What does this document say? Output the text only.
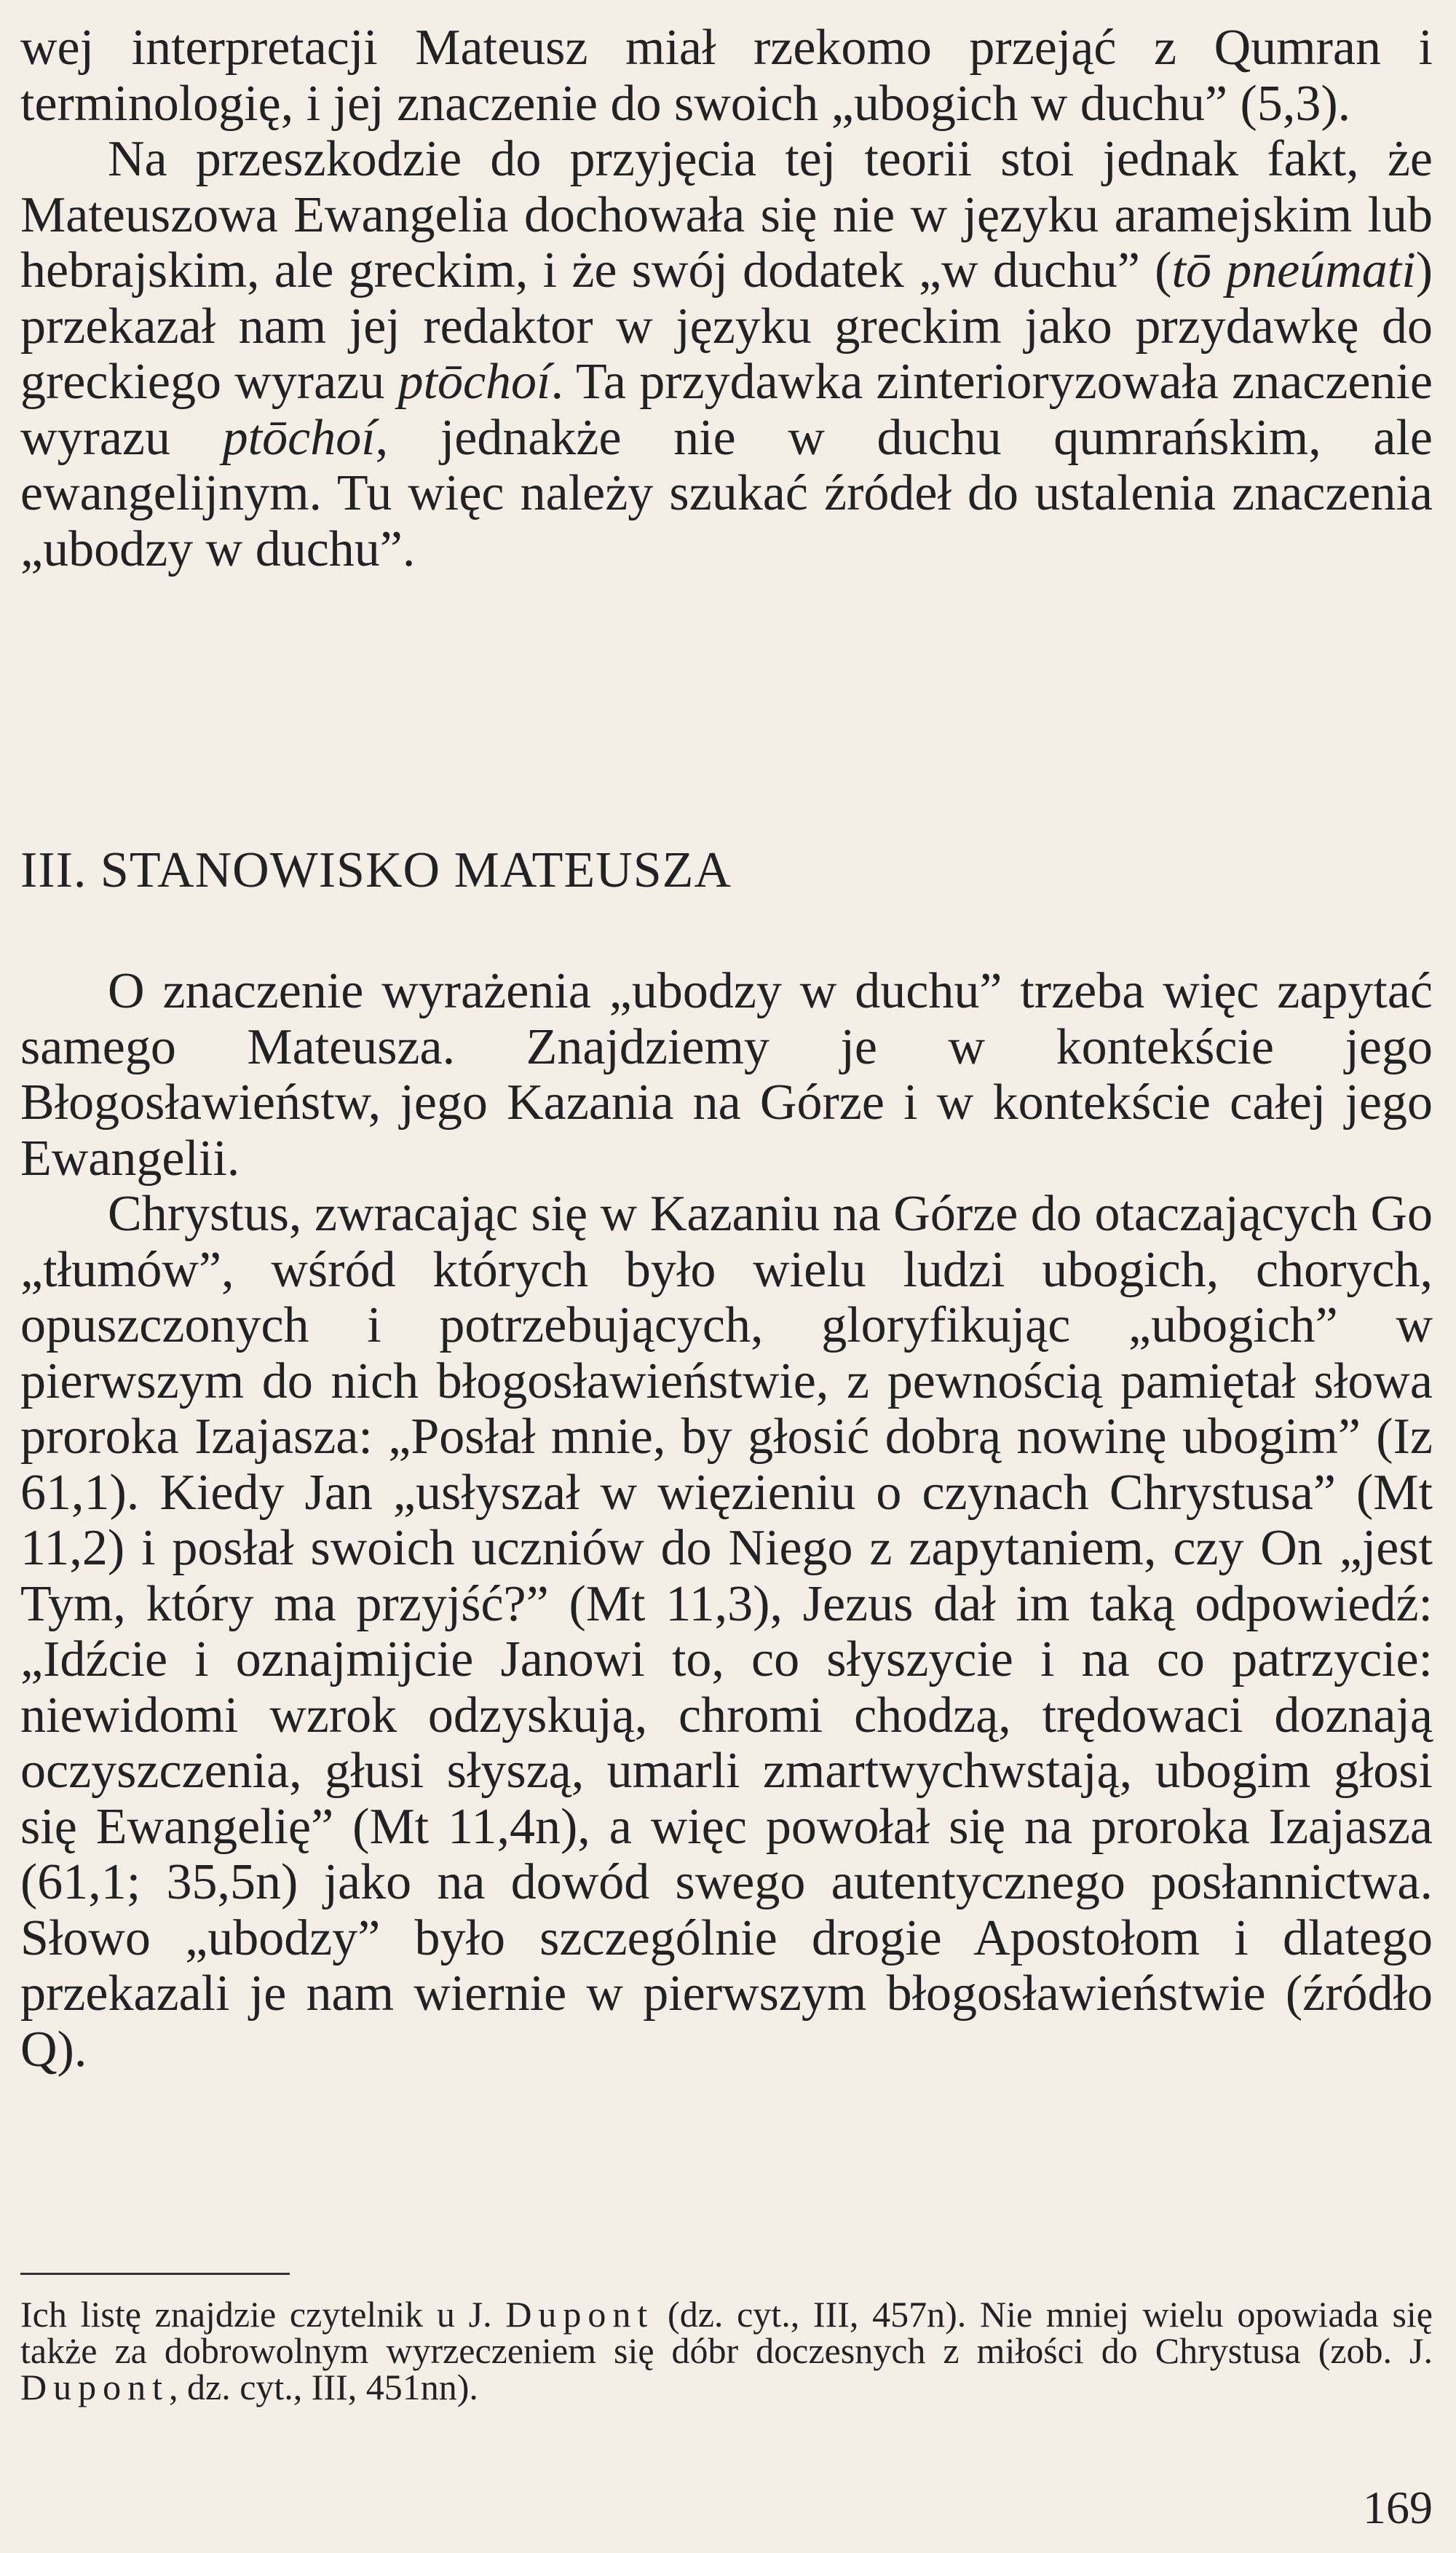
wej interpretacji Mateusz miał rzekomo przejąć z Qumran i terminologię, i jej znaczenie do swoich „ubogich w duchu” (5,3).

Na przeszkodzie do przyjęcia tej teorii stoi jednak fakt, że Mateuszowa Ewangelia dochowała się nie w języku aramejskim lub hebrajskim, ale greckim, i że swój dodatek „w duchu” (tō pneúmati) przekazał nam jej redaktor w języku greckim jako przydawkę do greckiego wyrazu ptōchoí. Ta przydawka zinterioryzowała znaczenie wyrazu ptōchoí, jednakże nie w duchu qumrańskim, ale ewangelijnym. Tu więc należy szukać źródeł do ustalenia znaczenia „ubodzy w duchu”.

III. STANOWISKO MATEUSZA

O znaczenie wyrażenia „ubodzy w duchu” trzeba więc zapytać samego Mateusza. Znajdziemy je w kontekście jego Błogosławieństw, jego Kazania na Górze i w kontekście całej jego Ewangelii.

Chrystus, zwracając się w Kazaniu na Górze do otaczających Go „tłumów”, wśród których było wielu ludzi ubogich, chorych, opuszczonych i potrzebujących, gloryfikując „ubogich” w pierwszym do nich błogosławieństwie, z pewnością pamiętał słowa proroka Izajasza: „Posłał mnie, by głosić dobrą nowinę ubogim” (Iz 61,1). Kiedy Jan „usłyszał w więzieniu o czynach Chrystusa” (Mt 11,2) i posłał swoich uczniów do Niego z zapytaniem, czy On „jest Tym, który ma przyjść?” (Mt 11,3), Jezus dał im taką odpowiedź: „Idźcie i oznajmijcie Janowi to, co słyszycie i na co patrzycie: niewidomi wzrok odzyskują, chromi chodzą, trędowaci doznają oczyszczenia, głusi słyszą, umarli zmartwychwstają, ubogim głosi się Ewangelię” (Mt 11,4n), a więc powołał się na proroka Izajasza (61,1; 35,5n) jako na dowód swego autentycznego posłannictwa. Słowo „ubodzy” było szczególnie drogie Apostołom i dlatego przekazali je nam wiernie w pierwszym błogosławieństwie (źródło Q).

Ich listę znajdzie czytelnik u J. Dupont (dz. cyt., III, 457n). Nie mniej wielu opowiada się także za dobrowolnym wyrzeczeniem się dóbr doczesnych z miłości do Chrystusa (zob. J. Dupont, dz. cyt., III, 451nn).

169
